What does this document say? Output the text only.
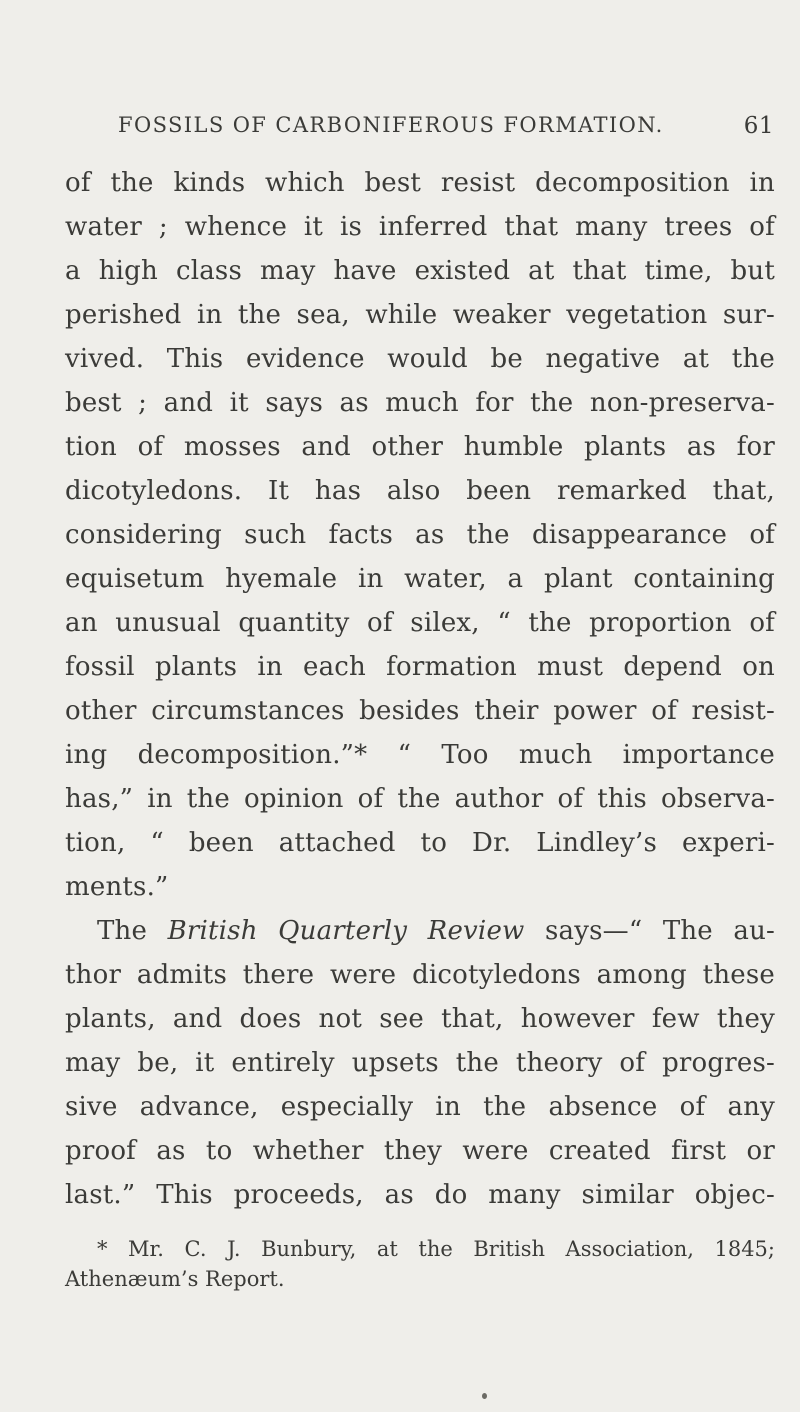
FOSSILS OF CARBONIFEROUS FORMATION.	61
of the kinds which best resist decomposition in
water ; whence it is inferred that many trees of
a high class may have existed at that time, but
perished in the sea, while weaker vegetation sur-
vived. This evidence would be negative at the
best ; and it says as much for the non-preserva-
tion of mosses and other humble plants as for
dicotyledons. It has also been remarked that,
considering such facts as the disappearance of
equisetum hyemale in water, a plant containing
an unusual quantity of silex, “ the proportion of
fossil plants in each formation must depend on
other circumstances besides their power of resist-
ing decomposition.”* “ Too much importance
has,” in the opinion of the author of this observa-
tion, “ been attached to Dr. Lindley’s experi-
ments.”
The British Quarterly Review says—“ The au-
thor admits there were dicotyledons among these
plants, and does not see that, however few they
may be, it entirely upsets the theory of progres-
sive advance, especially in the absence of any
proof as to whether they were created first or
last.” This proceeds, as do many similar objec-
* Mr. C. J. Bunbury, at the British Association, 1845;
Athenæum’s Report.
